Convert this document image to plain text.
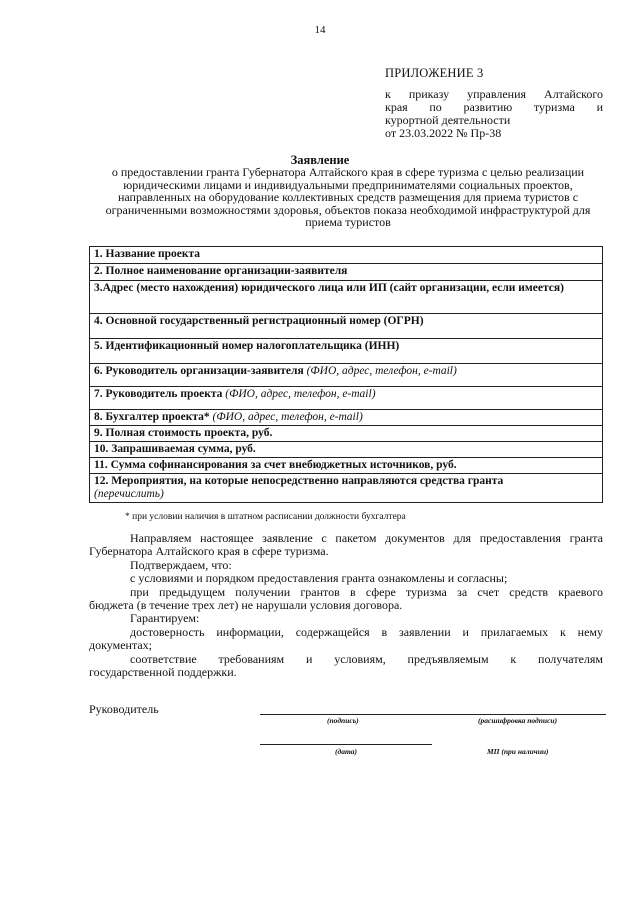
14
ПРИЛОЖЕНИЕ 3
к приказу управления Алтайского
края по развитию туризма и
курортной деятельности
от 23.03.2022 № Пр-38
Заявление
о предоставлении гранта Губернатора Алтайского края в сфере туризма с целью реализации юридическими лицами и индивидуальными предпринимателями социальных проектов, направленных на оборудование коллективных средств размещения для приема туристов с ограниченными возможностями здоровья, объектов показа необходимой инфраструктурой для приема туристов
1. Название проекта
2. Полное наименование организации-заявителя
3.Адрес (место нахождения) юридического лица или ИП (сайт организации, если имеется)
4. Основной государственный регистрационный номер (ОГРН)
5. Идентификационный номер налогоплательщика (ИНН)
6. Руководитель организации-заявителя (ФИО, адрес, телефон, e-mail)
7. Руководитель проекта (ФИО, адрес, телефон, e-mail)
8. Бухгалтер проекта* (ФИО, адрес, телефон, e-mail)
9. Полная стоимость проекта, руб.
10. Запрашиваемая сумма, руб.
11. Сумма софинансирования за счет внебюджетных источников, руб.
12. Мероприятия, на которые непосредственно направляются средства гранта
(перечислить)
* при условии наличия в штатном расписании должности бухгалтера
Направляем настоящее заявление с пакетом документов для предоставления гранта
Губернатора Алтайского края в сфере туризма.
Подтверждаем, что:
с условиями и порядком предоставления гранта ознакомлены и согласны;
при предыдущем получении грантов в сфере туризма за счет средств краевого
бюджета (в течение трех лет) не нарушали условия договора.
Гарантируем:
достоверность информации, содержащейся в заявлении и прилагаемых к нему
документах;
соответствие требованиям и условиям, предъявляемым к получателям
государственной поддержки.
Руководитель
(подпись)	(расшифровка подписи)
(дата)	МП (при наличии)
